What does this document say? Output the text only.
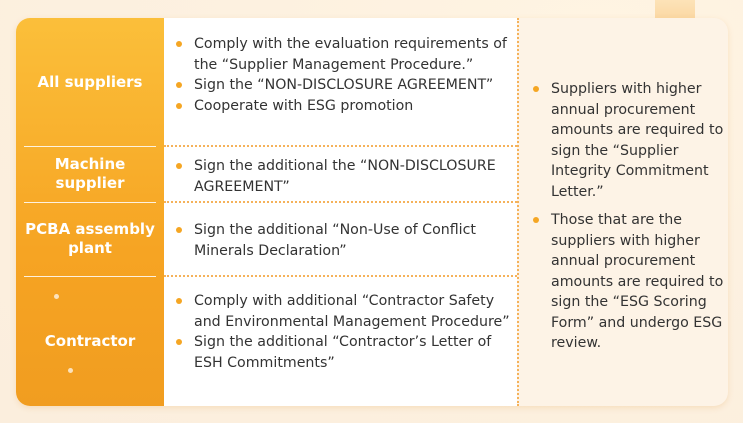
All suppliers
Machine supplier
PCBA assembly plant
Contractor
Comply with the evaluation requirements of the “Supplier Management Procedure.”
Sign the “NON-DISCLOSURE AGREEMENT”
Cooperate with ESG promotion
Sign the additional the “NON-DISCLOSURE AGREEMENT”
Sign the additional “Non-Use of Conflict Minerals Declaration”
Comply with additional “Contractor Safety and Environmental Management Procedure”
Sign the additional “Contractor’s Letter of ESH Commitments”
Suppliers with higher annual procurement amounts are required to sign the “Supplier Integrity Commitment Letter.”
Those that are the suppliers with higher annual procurement amounts are required to sign the “ESG Scoring Form” and undergo ESG review.
